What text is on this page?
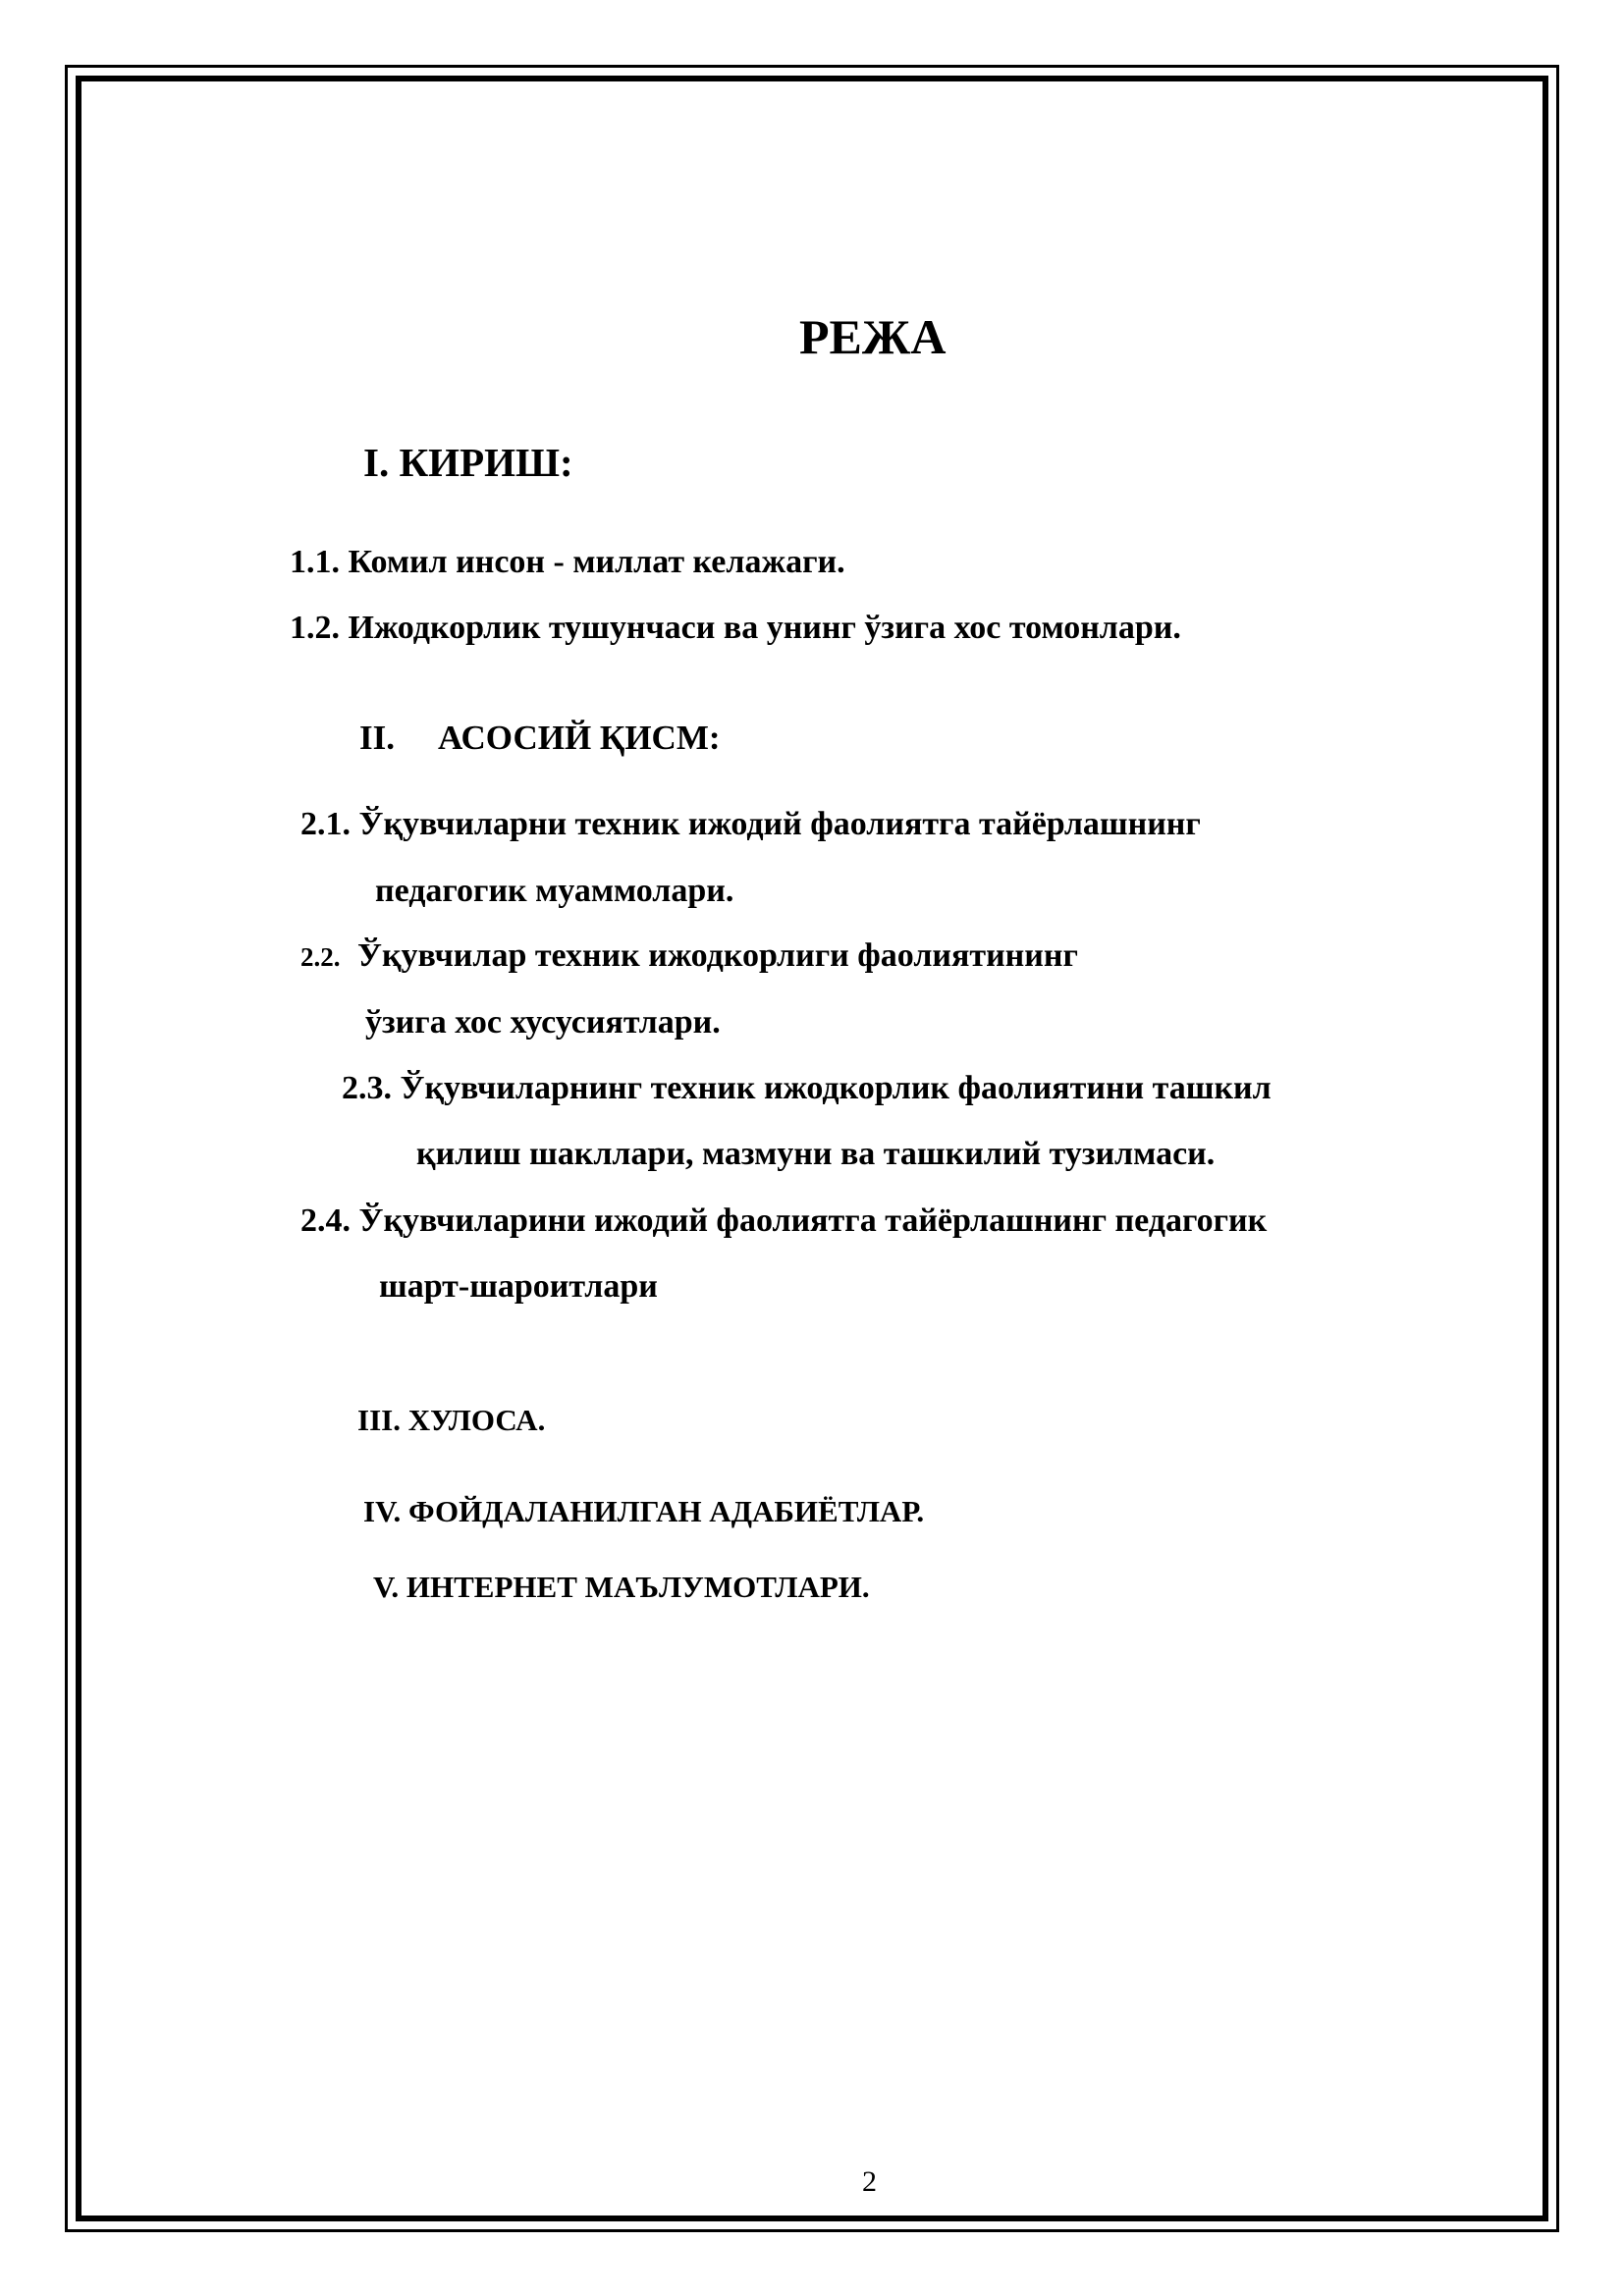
РЕЖА
I. КИРИШ:
1.1. Комил инсон - миллат келажаги.
1.2. Ижодкорлик тушунчаси ва унинг ўзига хос томонлари.
II. АСОСИЙ ҚИСМ:
2.1. Ўқувчиларни техник ижодий фаолиятга тайёрлашнинг
педагогик муаммолари.
2.2. Ўқувчилар техник ижодкорлиги фаолиятининг
ўзига хос хусусиятлари.
2.3. Ўқувчиларнинг техник ижодкорлик фаолиятини ташкил
қилиш шакллари, мазмуни ва ташкилий тузилмаси.
2.4. Ўқувчиларини ижодий фаолиятга тайёрлашнинг педагогик
шарт-шароитлари
III. ХУЛОСА.
IV. ФОЙДАЛАНИЛГАН АДАБИЁТЛАР.
V. ИНТЕРНЕТ МАЪЛУМОТЛАРИ.
2
